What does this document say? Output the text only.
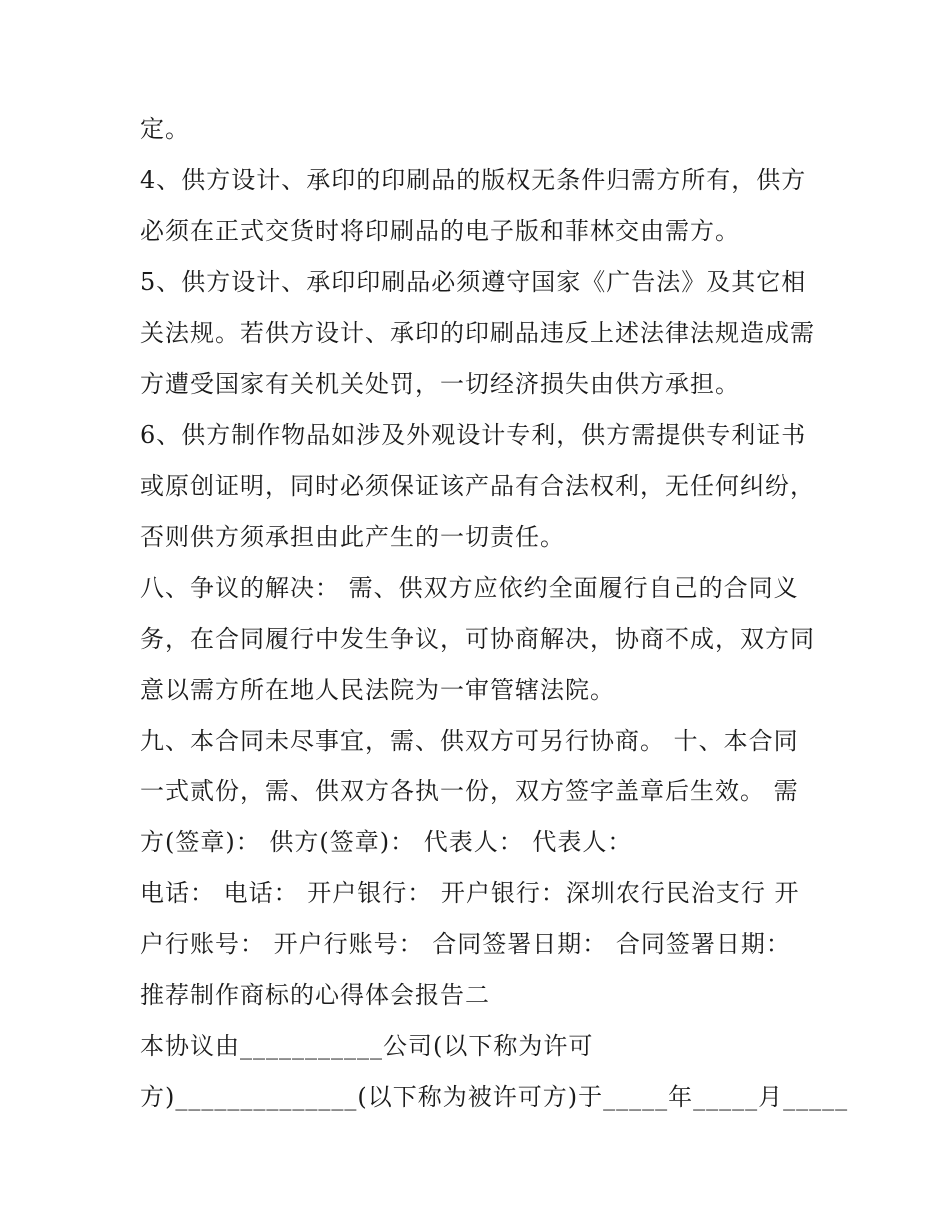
定。
4、供方设计、承印的印刷品的版权无条件归需方所有，供方
必须在正式交货时将印刷品的电子版和菲林交由需方。
5、供方设计、承印印刷品必须遵守国家《广告法》及其它相
关法规。若供方设计、承印的印刷品违反上述法律法规造成需
方遭受国家有关机关处罚，一切经济损失由供方承担。
6、供方制作物品如涉及外观设计专利，供方需提供专利证书
或原创证明，同时必须保证该产品有合法权利，无任何纠纷，
否则供方须承担由此产生的一切责任。
八、争议的解决： 需、供双方应依约全面履行自己的合同义
务，在合同履行中发生争议，可协商解决，协商不成，双方同
意以需方所在地人民法院为一审管辖法院。
九、本合同未尽事宜，需、供双方可另行协商。 十、本合同
一式贰份，需、供双方各执一份，双方签字盖章后生效。 需
方(签章)： 供方(签章)： 代表人： 代表人：
电话： 电话： 开户银行： 开户银行：深圳农行民治支行 开
户行账号： 开户行账号： 合同签署日期： 合同签署日期：
推荐制作商标的心得体会报告二
本协议由___________公司(以下称为许可
方)______________(以下称为被许可方)于_____年_____月_____
